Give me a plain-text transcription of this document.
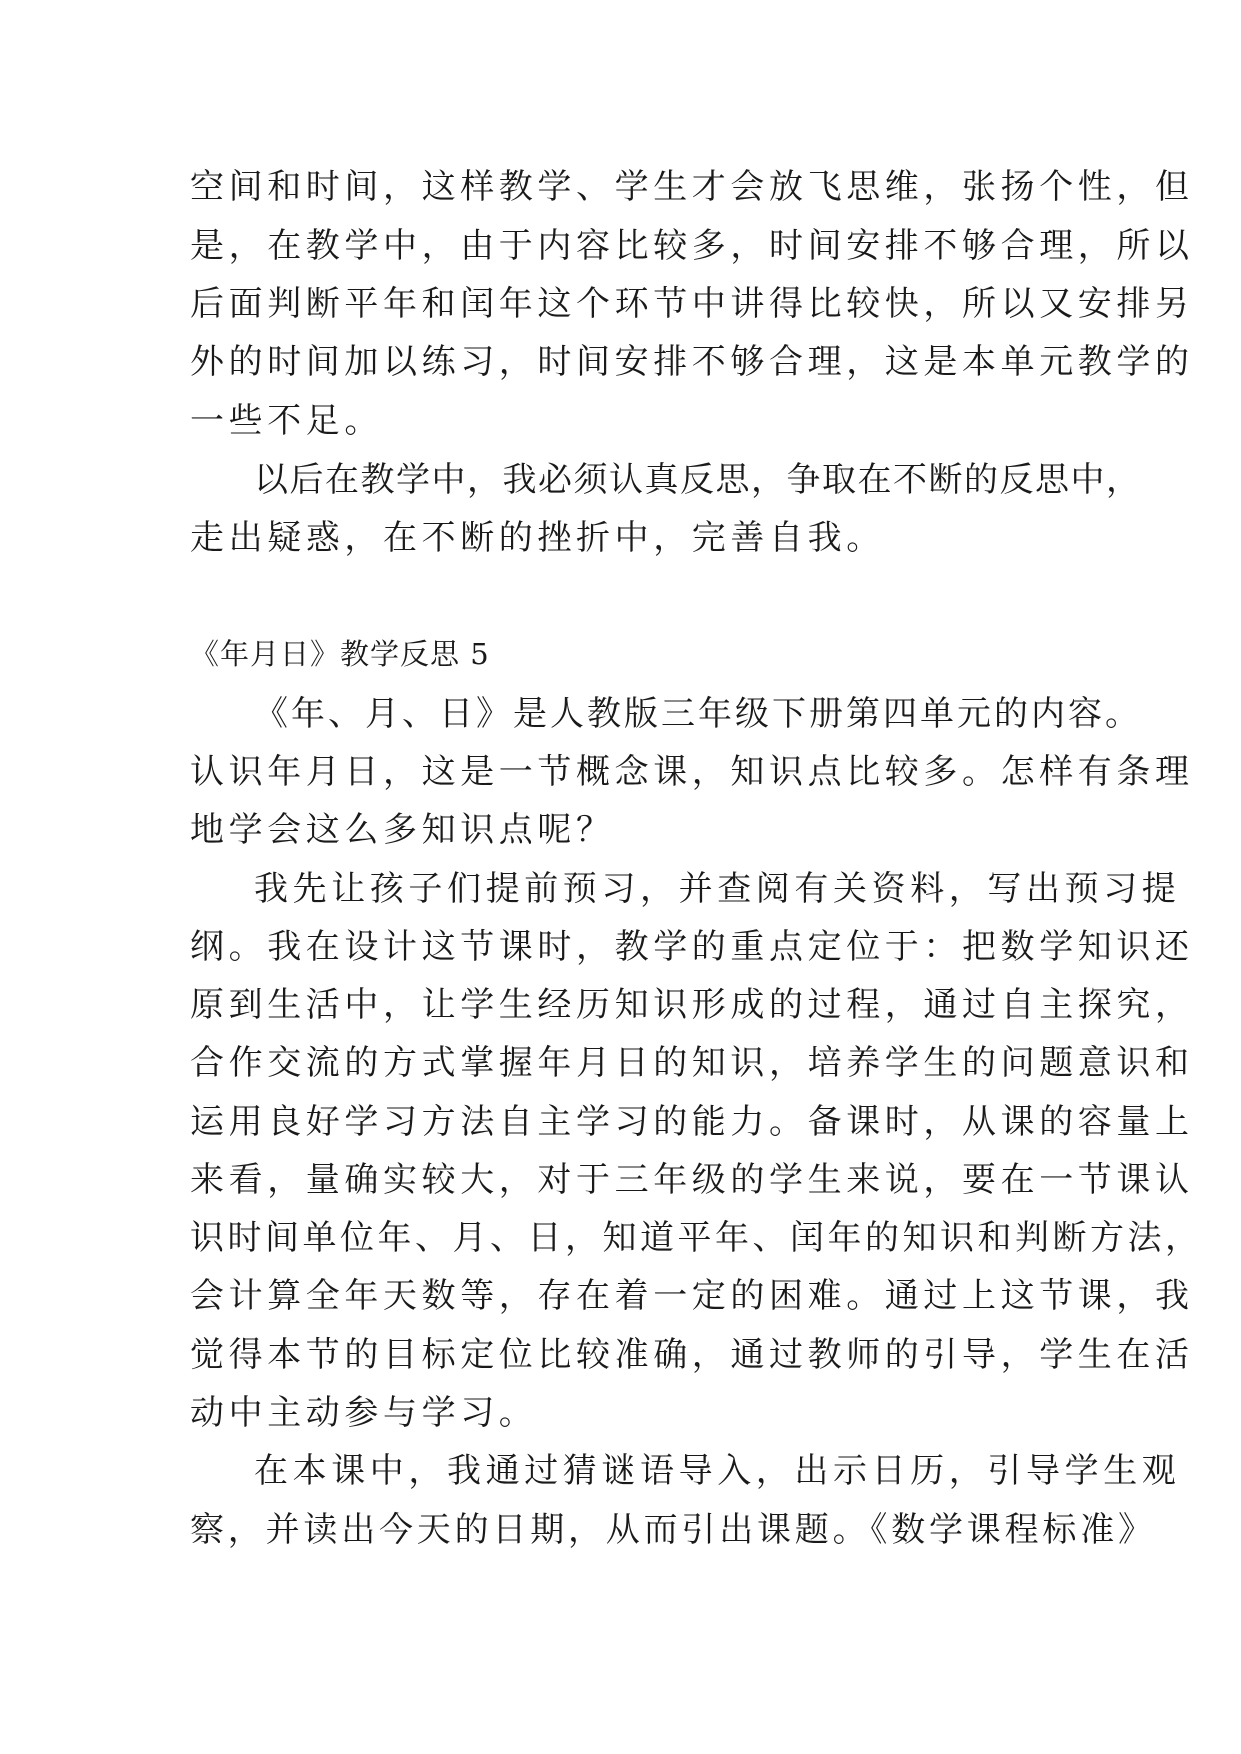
空间和时间，这样教学、学生才会放飞思维，张扬个性，但
是，在教学中，由于内容比较多，时间安排不够合理，所以
后面判断平年和闰年这个环节中讲得比较快，所以又安排另
外的时间加以练习，时间安排不够合理，这是本单元教学的
一些不足。
以后在教学中，我必须认真反思，争取在不断的反思中，
走出疑惑，在不断的挫折中，完善自我。
《年月日》教学反思 5
《年、月、日》是人教版三年级下册第四单元的内容。
认识年月日，这是一节概念课，知识点比较多。怎样有条理
地学会这么多知识点呢？
我先让孩子们提前预习，并查阅有关资料，写出预习提
纲。我在设计这节课时，教学的重点定位于：把数学知识还
原到生活中，让学生经历知识形成的过程，通过自主探究，
合作交流的方式掌握年月日的知识，培养学生的问题意识和
运用良好学习方法自主学习的能力。备课时，从课的容量上
来看，量确实较大，对于三年级的学生来说，要在一节课认
识时间单位年、月、日，知道平年、闰年的知识和判断方法，
会计算全年天数等，存在着一定的困难。通过上这节课，我
觉得本节的目标定位比较准确，通过教师的引导，学生在活
动中主动参与学习。
在本课中，我通过猜谜语导入，出示日历，引导学生观
察，并读出今天的日期，从而引出课题。《数学课程标准》
